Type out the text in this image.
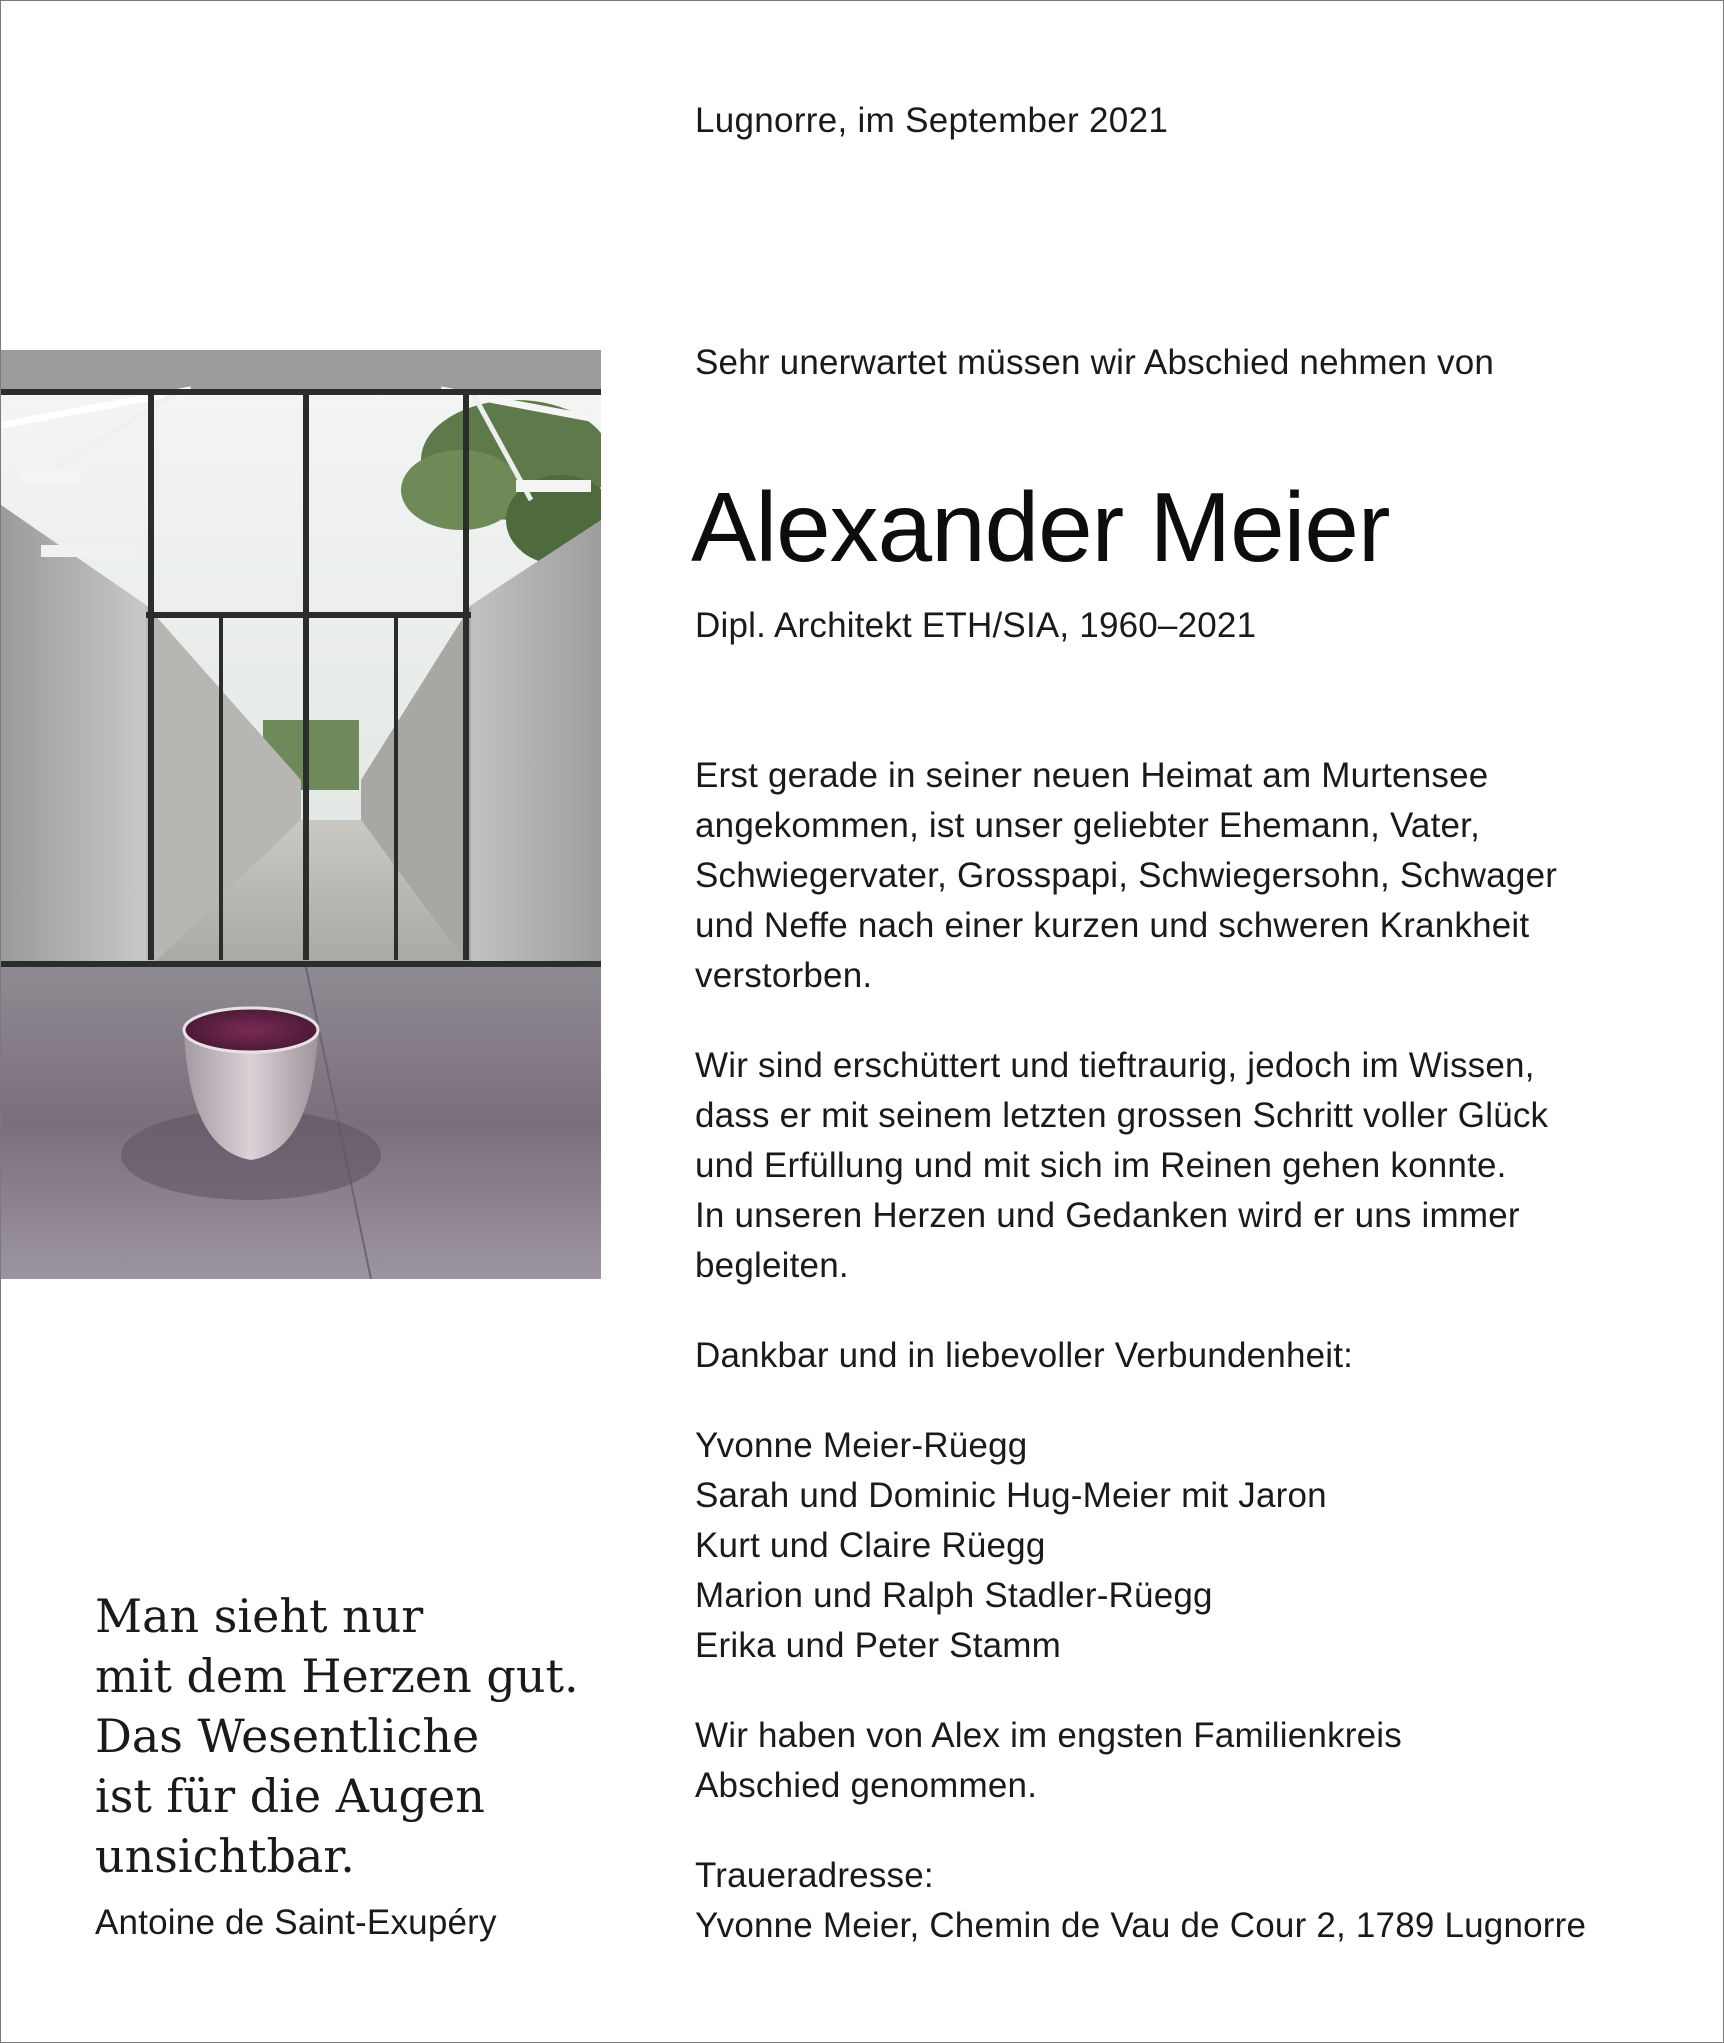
Lugnorre, im September 2021
Sehr unerwartet müssen wir Abschied nehmen von
Alexander Meier
Dipl. Architekt ETH/SIA, 1960–2021
Erst gerade in seiner neuen Heimat am Murtensee
angekommen, ist unser geliebter Ehemann, Vater,
Schwiegervater, Grosspapi, Schwiegersohn, Schwager
und Neffe nach einer kurzen und schweren Krankheit
verstorben.
Wir sind erschüttert und tieftraurig, jedoch im Wissen,
dass er mit seinem letzten grossen Schritt voller Glück
und Erfüllung und mit sich im Reinen gehen konnte.
In unseren Herzen und Gedanken wird er uns immer
begleiten.
Dankbar und in liebevoller Verbundenheit:
Yvonne Meier-Rüegg
Sarah und Dominic Hug-Meier mit Jaron
Kurt und Claire Rüegg
Marion und Ralph Stadler-Rüegg
Erika und Peter Stamm
Wir haben von Alex im engsten Familienkreis
Abschied genommen.
Traueradresse:
Yvonne Meier, Chemin de Vau de Cour 2, 1789 Lugnorre
Man sieht nur
mit dem Herzen gut.
Das Wesentliche
ist für die Augen
unsichtbar.
Antoine de Saint-Exupéry
